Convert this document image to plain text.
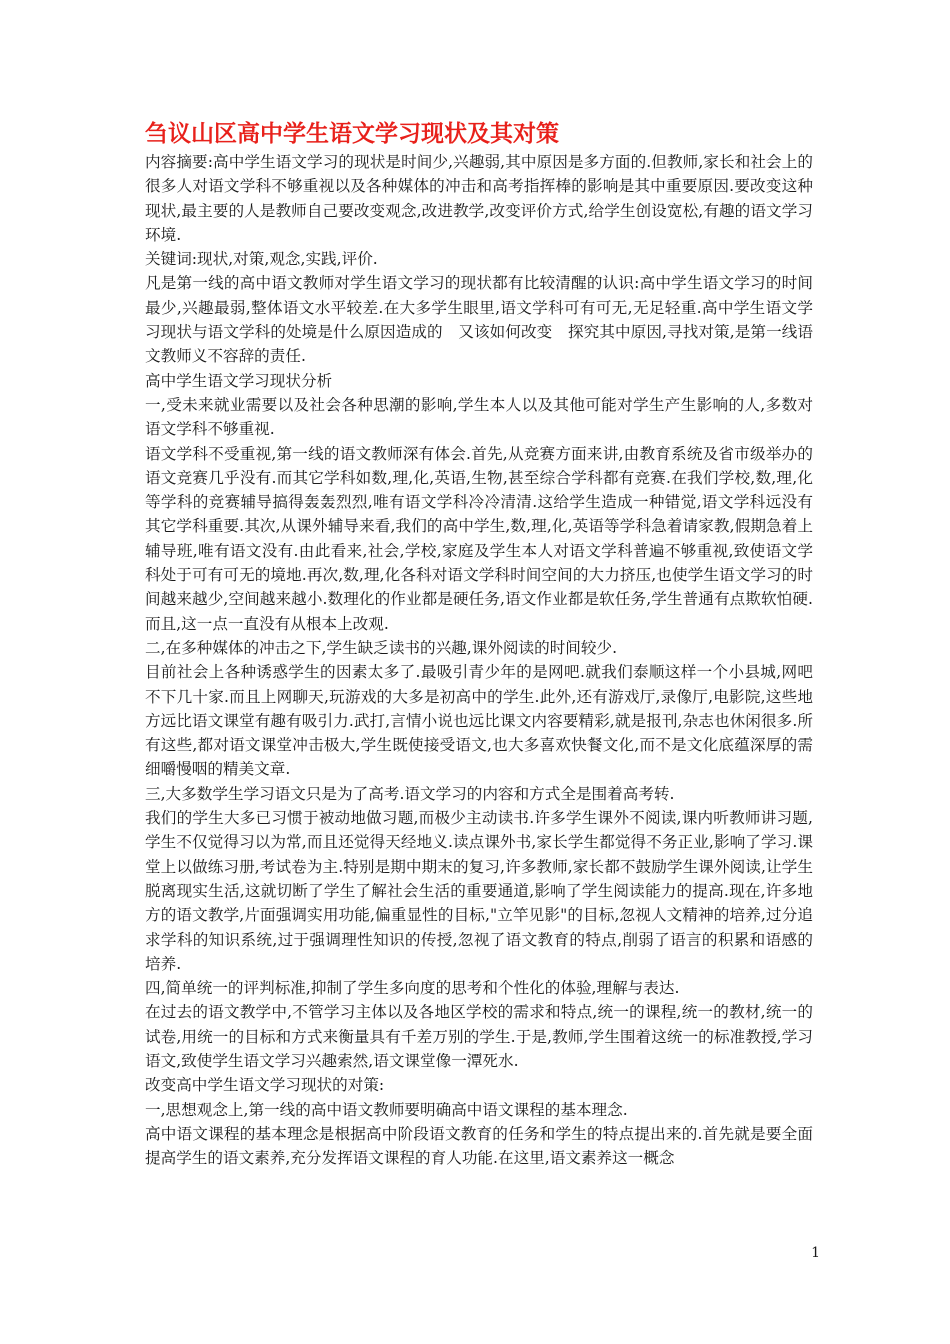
刍议山区高中学生语文学习现状及其对策

内容摘要:高中学生语文学习的现状是时间少,兴趣弱,其中原因是多方面的.但教师,家长和社会上的很多人对语文学科不够重视以及各种媒体的冲击和高考指挥棒的影响是其中重要原因.要改变这种现状,最主要的人是教师自己要改变观念,改进教学,改变评价方式,给学生创设宽松,有趣的语文学习环境.

关键词:现状,对策,观念,实践,评价.

凡是第一线的高中语文教师对学生语文学习的现状都有比较清醒的认识:高中学生语文学习的时间最少,兴趣最弱,整体语文水平较差.在大多学生眼里,语文学科可有可无,无足轻重.高中学生语文学习现状与语文学科的处境是什么原因造成的　又该如何改变　探究其中原因,寻找对策,是第一线语文教师义不容辞的责任.

高中学生语文学习现状分析

一,受未来就业需要以及社会各种思潮的影响,学生本人以及其他可能对学生产生影响的人,多数对语文学科不够重视.

语文学科不受重视,第一线的语文教师深有体会.首先,从竞赛方面来讲,由教育系统及省市级举办的语文竞赛几乎没有.而其它学科如数,理,化,英语,生物,甚至综合学科都有竞赛.在我们学校,数,理,化等学科的竞赛辅导搞得轰轰烈烈,唯有语文学科冷冷清清.这给学生造成一种错觉,语文学科远没有其它学科重要.其次,从课外辅导来看,我们的高中学生,数,理,化,英语等学科急着请家教,假期急着上辅导班,唯有语文没有.由此看来,社会,学校,家庭及学生本人对语文学科普遍不够重视,致使语文学科处于可有可无的境地.再次,数,理,化各科对语文学科时间空间的大力挤压,也使学生语文学习的时间越来越少,空间越来越小.数理化的作业都是硬任务,语文作业都是软任务,学生普通有点欺软怕硬.而且,这一点一直没有从根本上改观.

二,在多种媒体的冲击之下,学生缺乏读书的兴趣,课外阅读的时间较少.

目前社会上各种诱惑学生的因素太多了.最吸引青少年的是网吧.就我们泰顺这样一个小县城,网吧不下几十家.而且上网聊天,玩游戏的大多是初高中的学生.此外,还有游戏厅,录像厅,电影院,这些地方远比语文课堂有趣有吸引力.武打,言情小说也远比课文内容要精彩,就是报刊,杂志也休闲很多.所有这些,都对语文课堂冲击极大,学生既使接受语文,也大多喜欢快餐文化,而不是文化底蕴深厚的需细嚼慢咽的精美文章.

三,大多数学生学习语文只是为了高考.语文学习的内容和方式全是围着高考转.

我们的学生大多已习惯于被动地做习题,而极少主动读书.许多学生课外不阅读,课内听教师讲习题,学生不仅觉得习以为常,而且还觉得天经地义.读点课外书,家长学生都觉得不务正业,影响了学习.课堂上以做练习册,考试卷为主.特别是期中期末的复习,许多教师,家长都不鼓励学生课外阅读,让学生脱离现实生活,这就切断了学生了解社会生活的重要通道,影响了学生阅读能力的提高.现在,许多地方的语文教学,片面强调实用功能,偏重显性的目标,"立竿见影"的目标,忽视人文精神的培养,过分追求学科的知识系统,过于强调理性知识的传授,忽视了语文教育的特点,削弱了语言的积累和语感的培养.

四,简单统一的评判标准,抑制了学生多向度的思考和个性化的体验,理解与表达.

在过去的语文教学中,不管学习主体以及各地区学校的需求和特点,统一的课程,统一的教材,统一的试卷,用统一的目标和方式来衡量具有千差万别的学生.于是,教师,学生围着这统一的标准教授,学习语文,致使学生语文学习兴趣索然,语文课堂像一潭死水.

改变高中学生语文学习现状的对策:

一,思想观念上,第一线的高中语文教师要明确高中语文课程的基本理念.

高中语文课程的基本理念是根据高中阶段语文教育的任务和学生的特点提出来的.首先就是要全面提高学生的语文素养,充分发挥语文课程的育人功能.在这里,语文素养这一概念

1
